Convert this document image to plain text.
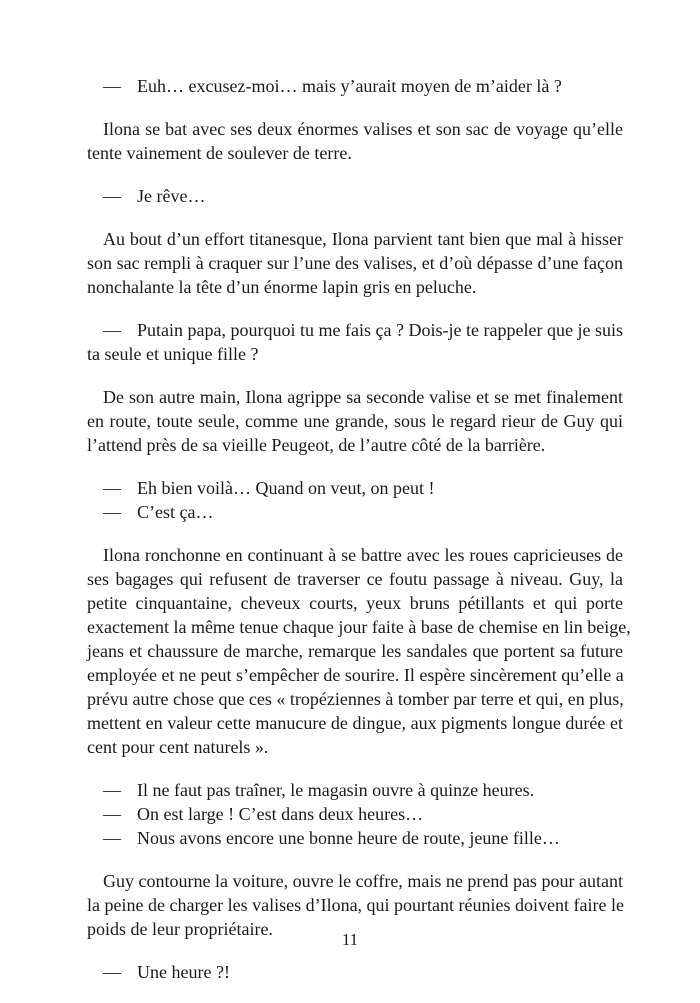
— Euh… excusez-moi… mais y’aurait moyen de m’aider là ?
Ilona se bat avec ses deux énormes valises et son sac de voyage qu’elle
tente vainement de soulever de terre.
— Je rêve…
Au bout d’un effort titanesque, Ilona parvient tant bien que mal à hisser
son sac rempli à craquer sur l’une des valises, et d’où dépasse d’une façon
nonchalante la tête d’un énorme lapin gris en peluche.
— Putain papa, pourquoi tu me fais ça ? Dois-je te rappeler que je suis
ta seule et unique fille ?
De son autre main, Ilona agrippe sa seconde valise et se met finalement
en route, toute seule, comme une grande, sous le regard rieur de Guy qui
l’attend près de sa vieille Peugeot, de l’autre côté de la barrière.
— Eh bien voilà… Quand on veut, on peut !
— C’est ça…
Ilona ronchonne en continuant à se battre avec les roues capricieuses de
ses bagages qui refusent de traverser ce foutu passage à niveau. Guy, la
petite cinquantaine, cheveux courts, yeux bruns pétillants et qui porte
exactement la même tenue chaque jour faite à base de chemise en lin beige,
jeans et chaussure de marche, remarque les sandales que portent sa future
employée et ne peut s’empêcher de sourire. Il espère sincèrement qu’elle a
prévu autre chose que ces « tropéziennes à tomber par terre et qui, en plus,
mettent en valeur cette manucure de dingue, aux pigments longue durée et
cent pour cent naturels ».
— Il ne faut pas traîner, le magasin ouvre à quinze heures.
— On est large ! C’est dans deux heures…
— Nous avons encore une bonne heure de route, jeune fille…
Guy contourne la voiture, ouvre le coffre, mais ne prend pas pour autant
la peine de charger les valises d’Ilona, qui pourtant réunies doivent faire le
poids de leur propriétaire.
— Une heure ?!
11
